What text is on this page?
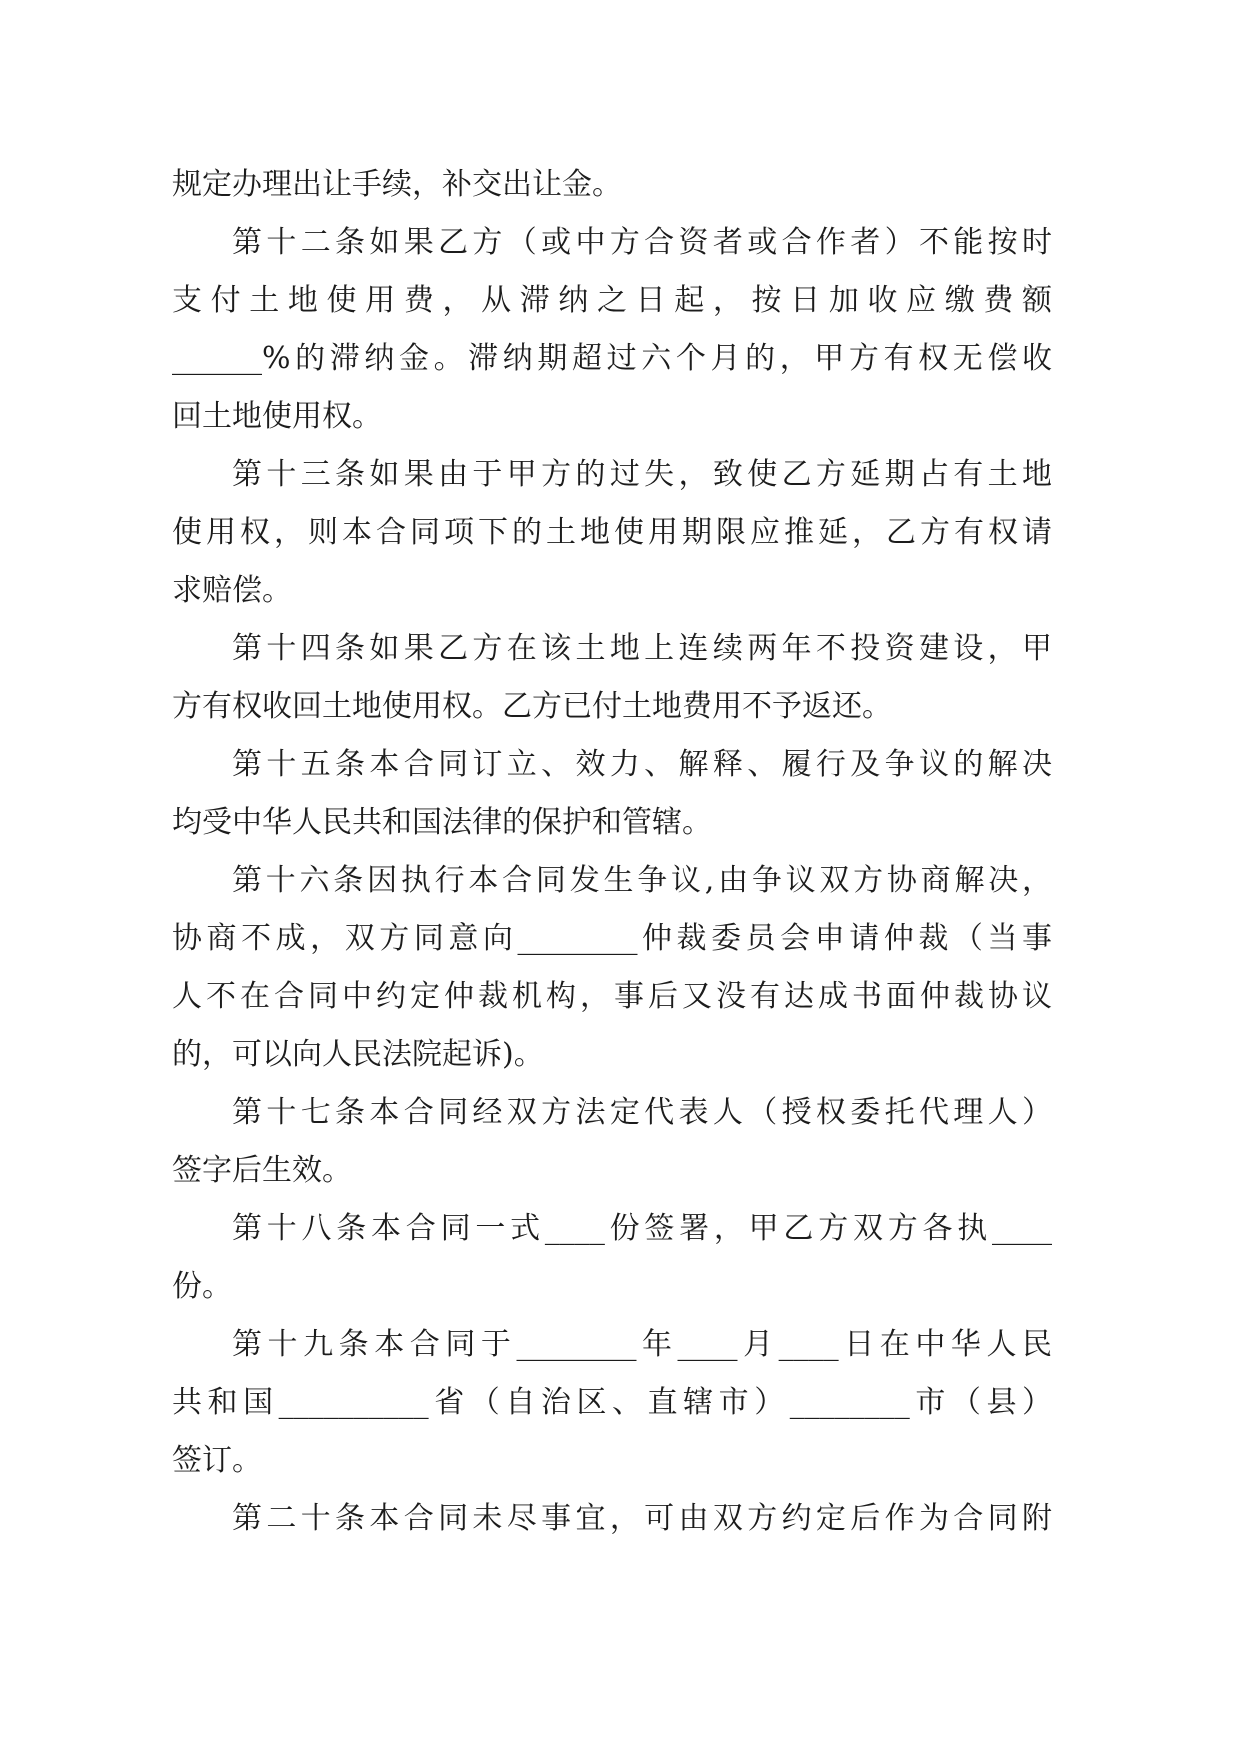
规定办理出让手续，补交出让金。
第十二条如果乙方（或中方合资者或合作者）不能按时
支付土地使用费，从滞纳之日起，按日加收应缴费额
______%的滞纳金。滞纳期超过六个月的，甲方有权无偿收
回土地使用权。
第十三条如果由于甲方的过失，致使乙方延期占有土地
使用权，则本合同项下的土地使用期限应推延，乙方有权请
求赔偿。
第十四条如果乙方在该土地上连续两年不投资建设，甲
方有权收回土地使用权。乙方已付土地费用不予返还。
第十五条本合同订立、效力、解释、履行及争议的解决
均受中华人民共和国法律的保护和管辖。
第十六条因执行本合同发生争议,由争议双方协商解决，
协商不成，双方同意向________仲裁委员会申请仲裁（当事
人不在合同中约定仲裁机构，事后又没有达成书面仲裁协议
的，可以向人民法院起诉)。
第十七条本合同经双方法定代表人（授权委托代理人）
签字后生效。
第十八条本合同一式____份签署，甲乙方双方各执____
份。
第十九条本合同于________年____月____日在中华人民
共和国__________省（自治区、直辖市）________市（县）
签订。
第二十条本合同未尽事宜，可由双方约定后作为合同附
